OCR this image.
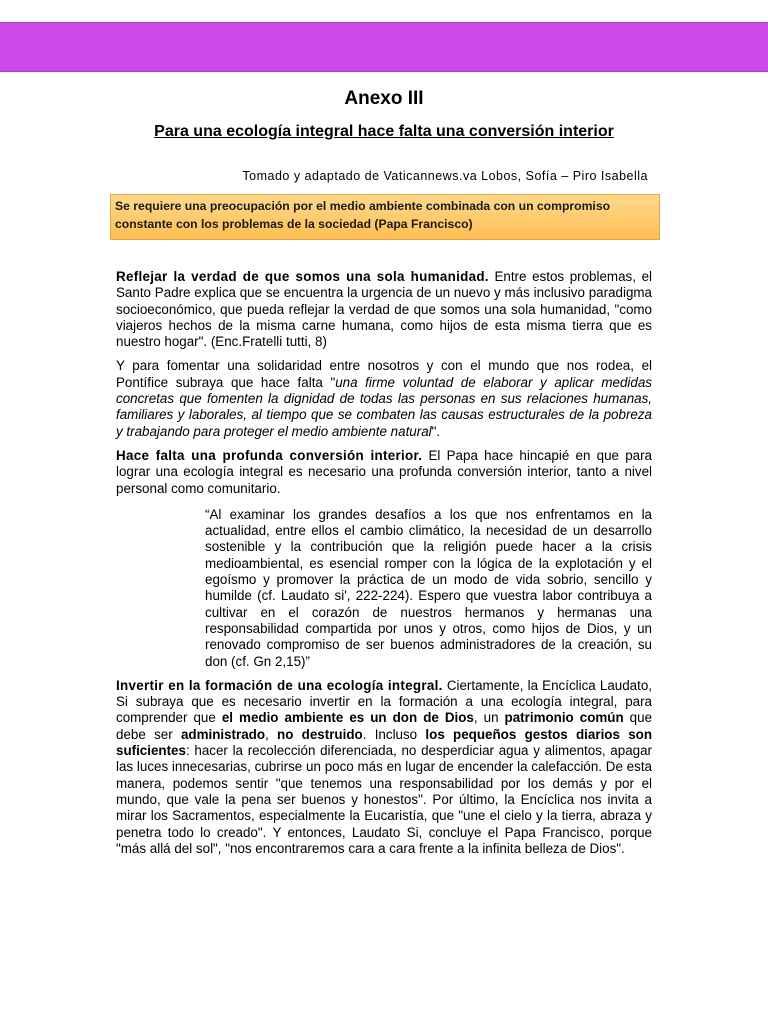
Anexo III
Para una ecología integral hace falta una conversión interior
Tomado y adaptado de Vaticannews.va Lobos, Sofía – Piro Isabella
Se requiere una preocupación por el medio ambiente combinada con un compromiso constante con los problemas de la sociedad (Papa Francisco)

Reflejar la verdad de que somos una sola humanidad. Entre estos problemas, el Santo Padre explica que se encuentra la urgencia de un nuevo y más inclusivo paradigma socioeconómico, que pueda reflejar la verdad de que somos una sola humanidad, "como viajeros hechos de la misma carne humana, como hijos de esta misma tierra que es nuestro hogar". (Enc.Fratelli tutti, 8)

Y para fomentar una solidaridad entre nosotros y con el mundo que nos rodea, el Pontífice subraya que hace falta "una firme voluntad de elaborar y aplicar medidas concretas que fomenten la dignidad de todas las personas en sus relaciones humanas, familiares y laborales, al tiempo que se combaten las causas estructurales de la pobreza y trabajando para proteger el medio ambiente natural".

Hace falta una profunda conversión interior. El Papa hace hincapié en que para lograr una ecología integral es necesario una profunda conversión interior, tanto a nivel personal como comunitario.

“Al examinar los grandes desafíos a los que nos enfrentamos en la actualidad, entre ellos el cambio climático, la necesidad de un desarrollo sostenible y la contribución que la religión puede hacer a la crisis medioambiental, es esencial romper con la lógica de la explotación y el egoísmo y promover la práctica de un modo de vida sobrio, sencillo y humilde (cf. Laudato si', 222-224). Espero que vuestra labor contribuya a cultivar en el corazón de nuestros hermanos y hermanas una responsabilidad compartida por unos y otros, como hijos de Dios, y un renovado compromiso de ser buenos administradores de la creación, su don (cf. Gn 2,15)”

Invertir en la formación de una ecología integral. Ciertamente, la Encíclica Laudato, Si subraya que es necesario invertir en la formación a una ecología integral, para comprender que el medio ambiente es un don de Dios, un patrimonio común que debe ser administrado, no destruido. Incluso los pequeños gestos diarios son suficientes: hacer la recolección diferenciada, no desperdiciar agua y alimentos, apagar las luces innecesarias, cubrirse un poco más en lugar de encender la calefacción. De esta manera, podemos sentir "que tenemos una responsabilidad por los demás y por el mundo, que vale la pena ser buenos y honestos". Por último, la Encíclica nos invita a mirar los Sacramentos, especialmente la Eucaristía, que "une el cielo y la tierra, abraza y penetra todo lo creado". Y entonces, Laudato Si, concluye el Papa Francisco, porque "más allá del sol", "nos encontraremos cara a cara frente a la infinita belleza de Dios".
